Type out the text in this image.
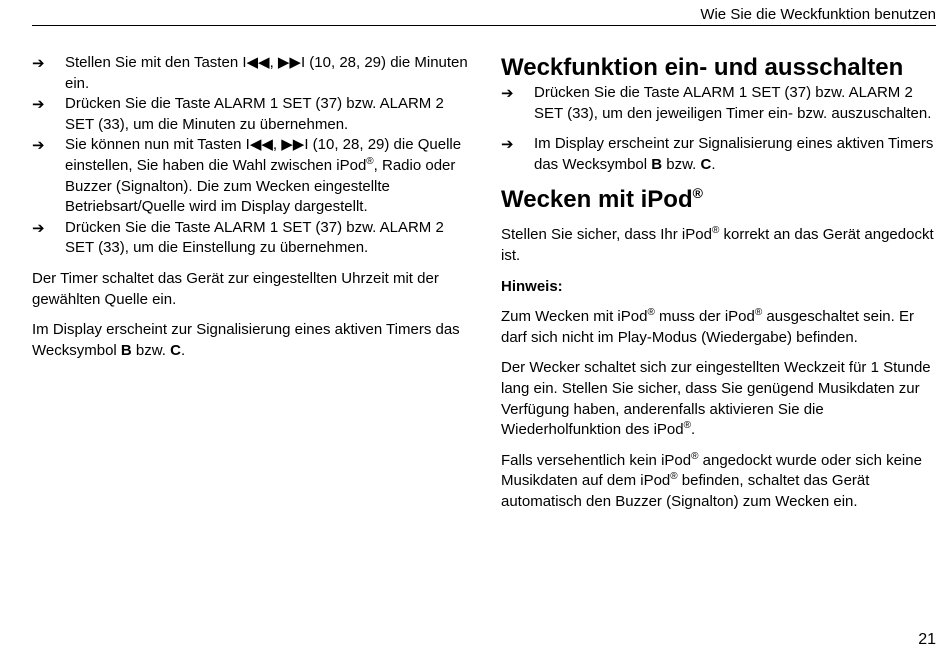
Wie Sie die Weckfunktion benutzen
➔	Stellen Sie mit den Tasten I◀◀, ▶▶I (10, 28, 29) die Minuten ein.
➔	Drücken Sie die Taste ALARM 1 SET (37) bzw. ALARM 2 SET (33), um die Minuten zu übernehmen.
➔	Sie können nun mit Tasten I◀◀, ▶▶I (10, 28, 29) die Quelle einstellen, Sie haben die Wahl zwischen iPod®, Radio oder Buzzer (Signalton). Die zum Wecken eingestellte Betriebsart/Quelle wird im Display dargestellt.
➔	Drücken Sie die Taste ALARM 1 SET (37) bzw. ALARM 2 SET (33), um die Einstellung zu übernehmen.

Der Timer schaltet das Gerät zur eingestellten Uhrzeit mit der gewählten Quelle ein.

Im Display erscheint zur Signalisierung eines aktiven Timers das Wecksymbol B bzw. C.

Weckfunktion ein- und ausschalten
➔	Drücken Sie die Taste ALARM 1 SET (37) bzw. ALARM 2 SET (33), um den jeweiligen Timer ein- bzw. auszuschalten.
➔	Im Display erscheint zur Signalisierung eines aktiven Timers das Wecksymbol B bzw. C.
Wecken mit iPod®

Stellen Sie sicher, dass Ihr iPod® korrekt an das Gerät angedockt ist.

Hinweis:

Zum Wecken mit iPod® muss der iPod® ausgeschaltet sein. Er darf sich nicht im Play-Modus (Wiedergabe) befinden.

Der Wecker schaltet sich zur eingestellten Weckzeit für 1 Stunde lang ein. Stellen Sie sicher, dass Sie genügend Musikdaten zur Verfügung haben, anderenfalls aktivieren Sie die Wiederholfunktion des iPod®.

Falls versehentlich kein iPod® angedockt wurde oder sich keine Musikdaten auf dem iPod® befinden, schaltet das Gerät automatisch den Buzzer (Signalton) zum Wecken ein.

21
